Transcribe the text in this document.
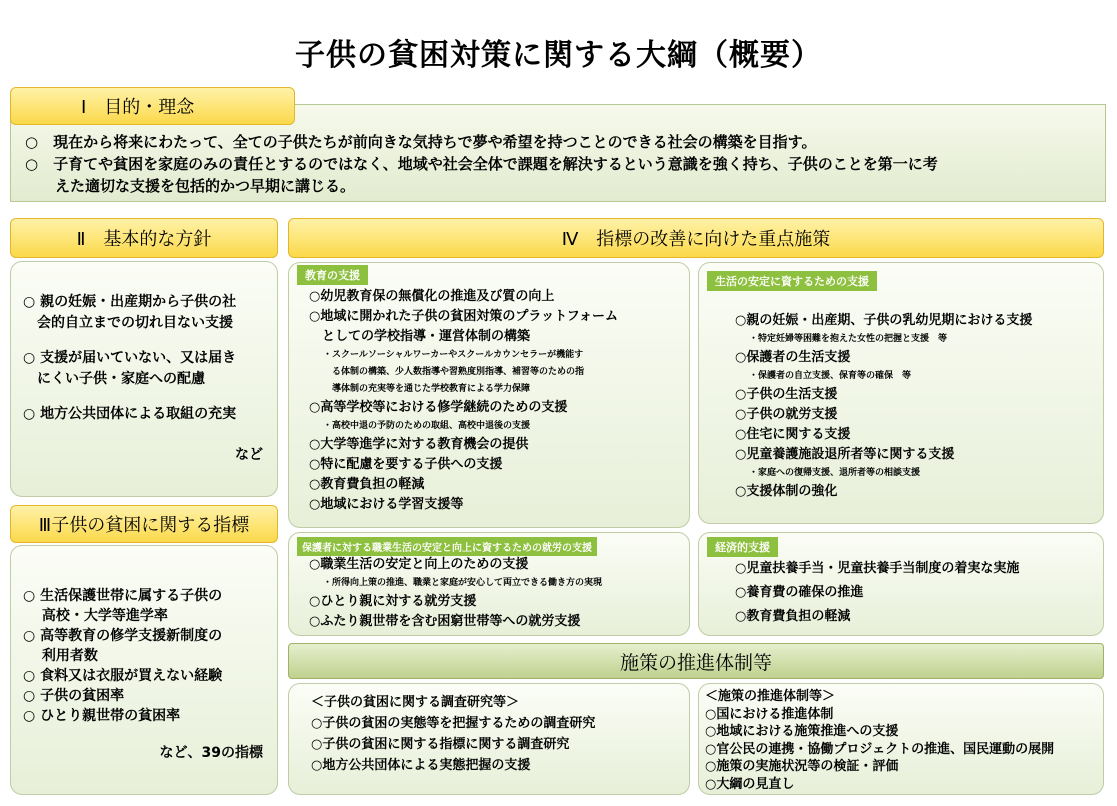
子供の貧困対策に関する大綱（概要）
○　現在から将来にわたって、全ての子供たちが前向きな気持ちで夢や希望を持つことのできる社会の構築を目指す。
○　子育てや貧困を家庭のみの責任とするのではなく、地域や社会全体で課題を解決するという意識を強く持ち、子供のことを第一に考
　　えた適切な支援を包括的かつ早期に講じる。
Ⅰ　目的・理念
Ⅱ　基本的な方針
○ 親の妊娠・出産期から子供の社
　会的自立までの切れ目ない支援
○ 支援が届いていない、又は届き
　にくい子供・家庭への配慮
○ 地方公共団体による取組の充実
など
Ⅲ子供の貧困に関する指標
○ 生活保護世帯に属する子供の
　 高校・大学等進学率
○ 高等教育の修学支援新制度の
　 利用者数
○ 食料又は衣服が買えない経験
○ 子供の貧困率
○ ひとり親世帯の貧困率
など、39の指標
Ⅳ　指標の改善に向けた重点施策
教育の支援
○幼児教育保の無償化の推進及び質の向上
○地域に開かれた子供の貧困対策のプラットフォーム
　としての学校指導・運営体制の構築
・スクールソーシャルワーカーやスクールカウンセラーが機能す
　る体制の構築、少人数指導や習熟度別指導、補習等のための指
　導体制の充実等を通じた学校教育による学力保障
○高等学校等における修学継続のための支援
・高校中退の予防のための取組、高校中退後の支援
○大学等進学に対する教育機会の提供
○特に配慮を要する子供への支援
○教育費負担の軽減
○地域における学習支援等
生活の安定に資するための支援
○親の妊娠・出産期、子供の乳幼児期における支援
・特定妊婦等困難を抱えた女性の把握と支援　等
○保護者の生活支援
・保護者の自立支援、保育等の確保　等
○子供の生活支援
○子供の就労支援
○住宅に関する支援
○児童養護施設退所者等に関する支援
・家庭への復帰支援、退所者等の相談支援
○支援体制の強化
保護者に対する職業生活の安定と向上に資するための就労の支援
○職業生活の安定と向上のための支援
・所得向上策の推進、職業と家庭が安心して両立できる働き方の実現
○ひとり親に対する就労支援
○ふたり親世帯を含む困窮世帯等への就労支援
経済的支援
○児童扶養手当・児童扶養手当制度の着実な実施
○養育費の確保の推進
○教育費負担の軽減
施策の推進体制等
＜子供の貧困に関する調査研究等＞
○子供の貧困の実態等を把握するための調査研究
○子供の貧困に関する指標に関する調査研究
○地方公共団体による実態把握の支援
＜施策の推進体制等＞
○国における推進体制
○地域における施策推進への支援
○官公民の連携・協働プロジェクトの推進、国民運動の展開
○施策の実施状況等の検証・評価
○大綱の見直し
